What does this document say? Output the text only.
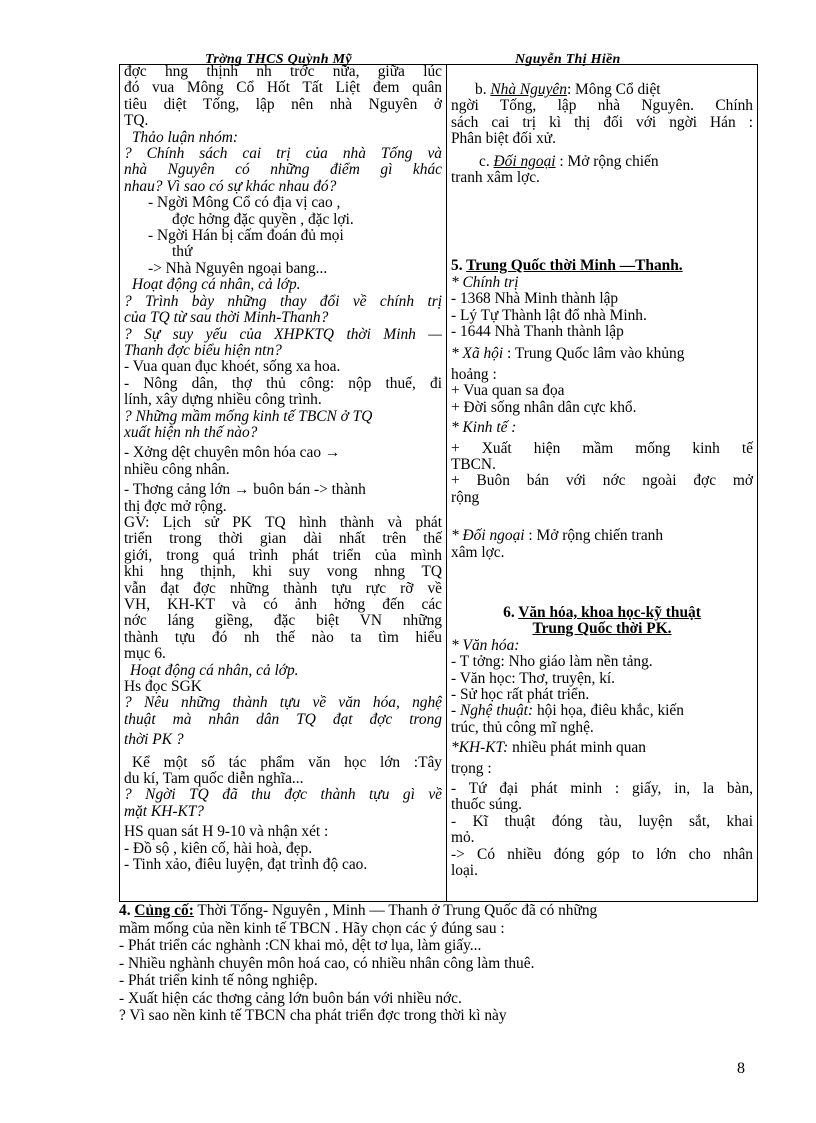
Trờng THCS Quỳnh Mỹ	Nguyễn Thị Hiền
đợc hng thịnh nh trớc nữa, giữa lúc
đó vua Mông Cổ Hốt Tất Liệt đem quân
tiêu diệt Tống, lập nên nhà Nguyên ở
TQ.
Thảo luận nhóm:
? Chính sách cai trị của nhà Tống và
nhà Nguyên có những điểm gì khác
nhau? Vì sao có sự khác nhau đó?
- Ngời Mông Cổ có địa vị cao ,
đợc hởng đặc quyền , đặc lợi.
- Ngời Hán bị cấm đoán đủ mọi
thứ
-> Nhà Nguyên ngoại bang...
Hoạt động cá nhân, cả lớp.
? Trình bày những thay đổi về chính trị
của TQ từ sau thời Minh-Thanh?
? Sự suy yếu của XHPKTQ thời Minh —
Thanh đợc biểu hiện ntn?
- Vua quan đục khoét, sống xa hoa.
- Nông dân, thợ thủ công: nộp thuế, đi
lính, xây dựng nhiều công trình.
? Những mầm mống kinh tế TBCN ở TQ
xuất hiện nh thế nào?
- Xởng dệt chuyên môn hóa cao →
nhiều công nhân.
- Thơng cảng lớn → buôn bán -> thành
thị đợc mở rộng.
GV: Lịch sử PK TQ hình thành và phát
triển trong thời gian dài nhất trên thế
giới, trong quá trình phát triển của mình
khi hng thịnh, khi suy vong nhng TQ
vẫn đạt đợc những thành tựu rực rỡ về
VH, KH-KT và có ảnh hởng đến các
nớc láng giềng, đặc biệt VN những
thành tựu đó nh thế nào ta tìm hiểu
mục 6.
Hoạt động cá nhân, cả lớp.
Hs đọc SGK
? Nêu những thành tựu về văn hóa, nghệ
thuật mà nhân dân TQ đạt đợc trong
thời PK ?
Kể một số tác phẩm văn học lớn :Tây
du kí, Tam quốc diễn nghĩa...
? Ngời TQ đã thu đợc thành tựu gì về
mặt KH-KT?
HS quan sát H 9-10 và nhận xét :
- Đồ sộ , kiên cố, hài hoà, đẹp.
- Tinh xảo, điêu luyện, đạt trình độ cao.
b. Nhà Nguyên: Mông Cổ diệt
ngời Tống, lập nhà Nguyên. Chính
sách cai trị kì thị đối với ngời Hán :
Phân biệt đối xử.
c. Đối ngoại : Mở rộng chiến
tranh xâm lợc.
5. Trung Quốc thời Minh —Thanh.
* Chính trị
- 1368 Nhà Minh thành lập
- Lý Tự Thành lật đổ nhà Minh.
- 1644 Nhà Thanh thành lập
* Xã hội : Trung Quốc lâm vào khủng
hoảng :
+ Vua quan sa đọa
+ Đời sống nhân dân cực khổ.
* Kinh tế :
+ Xuất hiện mầm mống kinh tế
TBCN.
+ Buôn bán với nớc ngoài đợc mở
rộng
* Đối ngoại : Mở rộng chiến tranh
xâm lợc.
6. Văn hóa, khoa học-kỹ thuật
Trung Quốc thời PK.
* Văn hóa:
- T tởng: Nho giáo làm nền tảng.
- Văn học: Thơ, truyện, kí.
- Sử học rất phát triển.
- Nghệ thuật: hội họa, điêu khắc, kiến
trúc, thủ công mĩ nghệ.
*KH-KT: nhiều phát minh quan
trọng :
- Tứ đại phát minh : giấy, in, la bàn,
thuốc súng.
- Kĩ thuật đóng tàu, luyện sắt, khai
mỏ.
-> Có nhiều đóng góp to lớn cho nhân
loại.
4. Củng cố: Thời Tống- Nguyên , Minh — Thanh ở Trung Quốc đã có những
mầm mống của nền kinh tế TBCN . Hãy chọn các ý đúng sau :
- Phát triển các nghành :CN khai mỏ, dệt tơ lụa, làm giấy...
- Nhiều nghành chuyên môn hoá cao, có nhiều nhân công làm thuê.
- Phát triển kinh tế nông nghiệp.
- Xuất hiện các thơng cảng lớn buôn bán với nhiều nớc.
? Vì sao nền kinh tế TBCN cha phát triển đợc trong thời kì này
8
